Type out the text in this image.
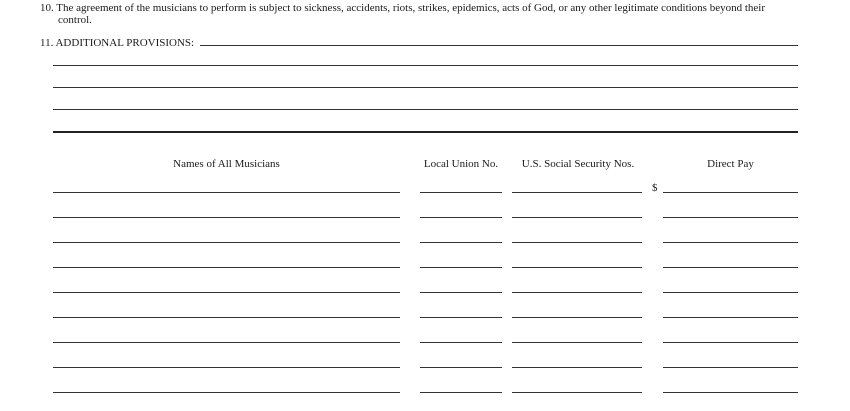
10. The agreement of the musicians to perform is subject to sickness, accidents, riots, strikes, epidemics, acts of God, or any other legitimate conditions beyond their
control.
11. ADDITIONAL PROVISIONS:
Names of All Musicians	Local Union No.	U.S. Social Security Nos.	Direct Pay
$
